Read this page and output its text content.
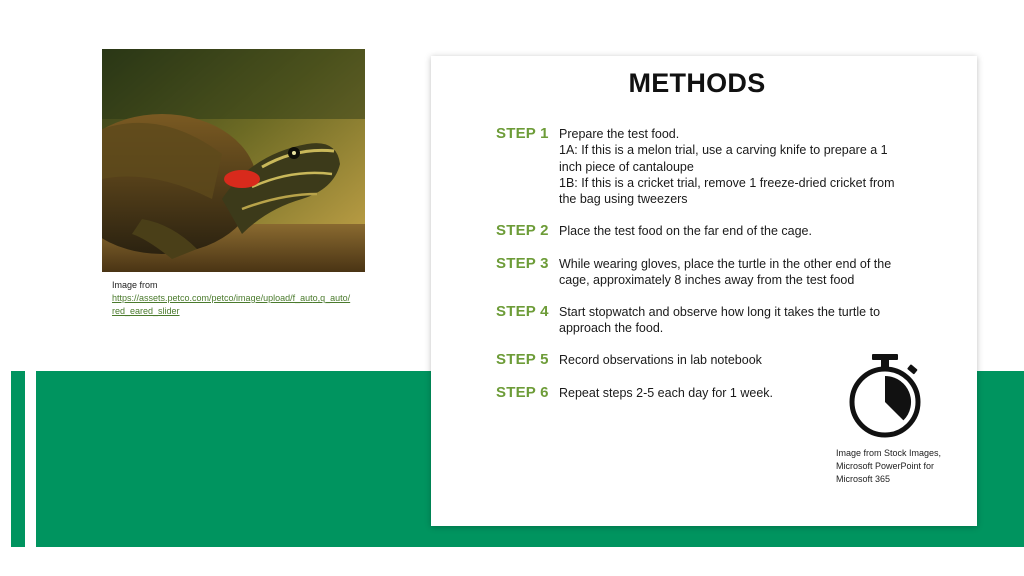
Image from
https://assets.petco.com/petco/image/upload/f_auto,q_auto/red_eared_slider
METHODS
STEP 1 Prepare the test food.
1A: If this is a melon trial, use a carving knife to prepare a 1
inch piece of cantaloupe
1B: If this is a cricket trial, remove 1 freeze-dried cricket from
the bag using tweezers
STEP 2 Place the test food on the far end of the cage.
STEP 3 While wearing gloves, place the turtle in the other end of the
cage, approximately 8 inches away from the test food
STEP 4 Start stopwatch and observe how long it takes the turtle to
approach the food.
STEP 5 Record observations in lab notebook
STEP 6 Repeat steps 2-5 each day for 1 week.
Image from Stock Images,
Microsoft PowerPoint for
Microsoft 365
